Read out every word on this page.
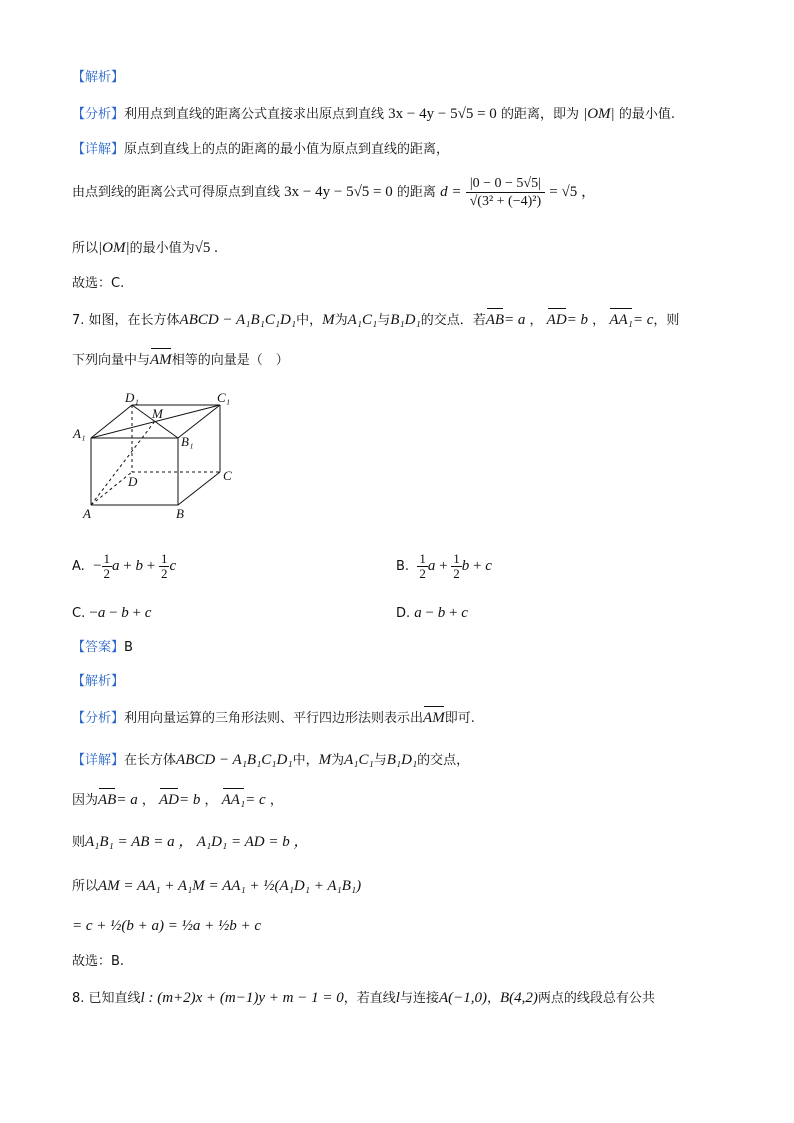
【解析】
【分析】利用点到直线的距离公式直接求出原点到直线 3x − 4y − 5√5 = 0 的距离，即为 |OM| 的最小值.
【详解】原点到直线上的点的距离的最小值为原点到直线的距离，
由点到线的距离公式可得原点到直线 3x − 4y − 5√5 = 0 的距离 $d = \frac{|0 - 0 - 5√5|}{\text{√(3² + (−4)²)}} = √5$ ，
所以|OM|的最小值为√5 .
故选：C.
7. 如图，在长方体ABCD − A₁B₁C₁D₁中，M为A₁C₁与B₁D₁的交点．若AB= a ， AD= b ， AA₁= c，则
下列向量中与AM相等的向量是（　）
D₁	C₁
M
A₁
B₁
C
D
A	B
A. − $\frac{1}{2}$ $a + b + \frac{1}{2}$ c	B. $\frac{1}{2}$ $a + \frac{1}{2}$ b + c
C. −a − b + c	D. a − b + c
【答案】B
【解析】
【分析】利用向量运算的三角形法则、平行四边形法则表示出AM即可.
【详解】在长方体ABCD − A₁B₁C₁D₁中，M为A₁C₁与B₁D₁的交点，
因为AB= a ， AD= b ， AA₁= c ，
则A₁B₁ = AB = a ， A₁D₁ = AD = b ，
所以AM = AA₁ + A₁M = AA₁ + ½(A₁D₁ + A₁B₁)
= c + ½(b + a) = ½a + ½b + c
故选：B.
8. 已知直线l : (m+2)x + (m−1)y + m − 1 = 0，若直线l与连接A(−1,0)，B(4,2)两点的线段总有公共
